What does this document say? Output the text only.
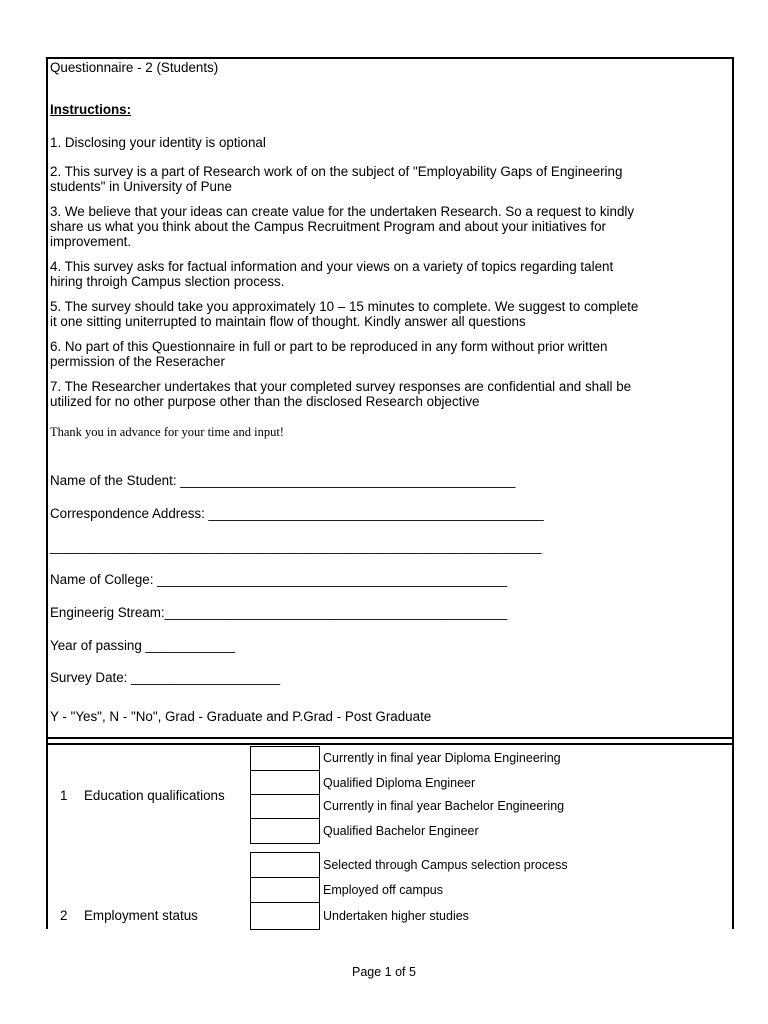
Questionnaire - 2 (Students)
Instructions:
1. Disclosing your identity is optional
2. This survey is a part of Research work of on the subject of "Employability Gaps of Engineering
students" in University of Pune
3. We believe that your ideas can create value for the undertaken Research. So a request to kindly
share us what you think about the Campus Recruitment Program and about your initiatives for
improvement.
4. This survey asks for factual information and your views on a variety of topics regarding talent
hiring throigh Campus slection process.
5. The survey should take you approximately 10 – 15 minutes to complete. We suggest to complete
it one sitting uniterrupted to maintain flow of thought. Kindly answer all questions
6. No part of this Questionnaire in full or part to be reproduced in any form without prior written
permission of the Reseracher
7. The Researcher undertakes that your completed survey responses are confidential and shall be
utilized for no other purpose other than the disclosed Research objective
Thank you in advance for your time and input!
Name of the Student: _____________________________________________
Correspondence Address: _____________________________________________
__________________________________________________________________
Name of College: _______________________________________________
Engineerig Stream:______________________________________________
Year of passing ____________
Survey Date: ____________________
Y - "Yes", N - "No", Grad - Graduate and P.Grad - Post Graduate
1 Education qualifications
Currently in final year Diploma Engineering
Qualified Diploma Engineer
Currently in final year Bachelor Engineering
Qualified Bachelor Engineer
2 Employment status
Selected through Campus selection process
Employed off campus
Undertaken higher studies
Page 1 of 5
